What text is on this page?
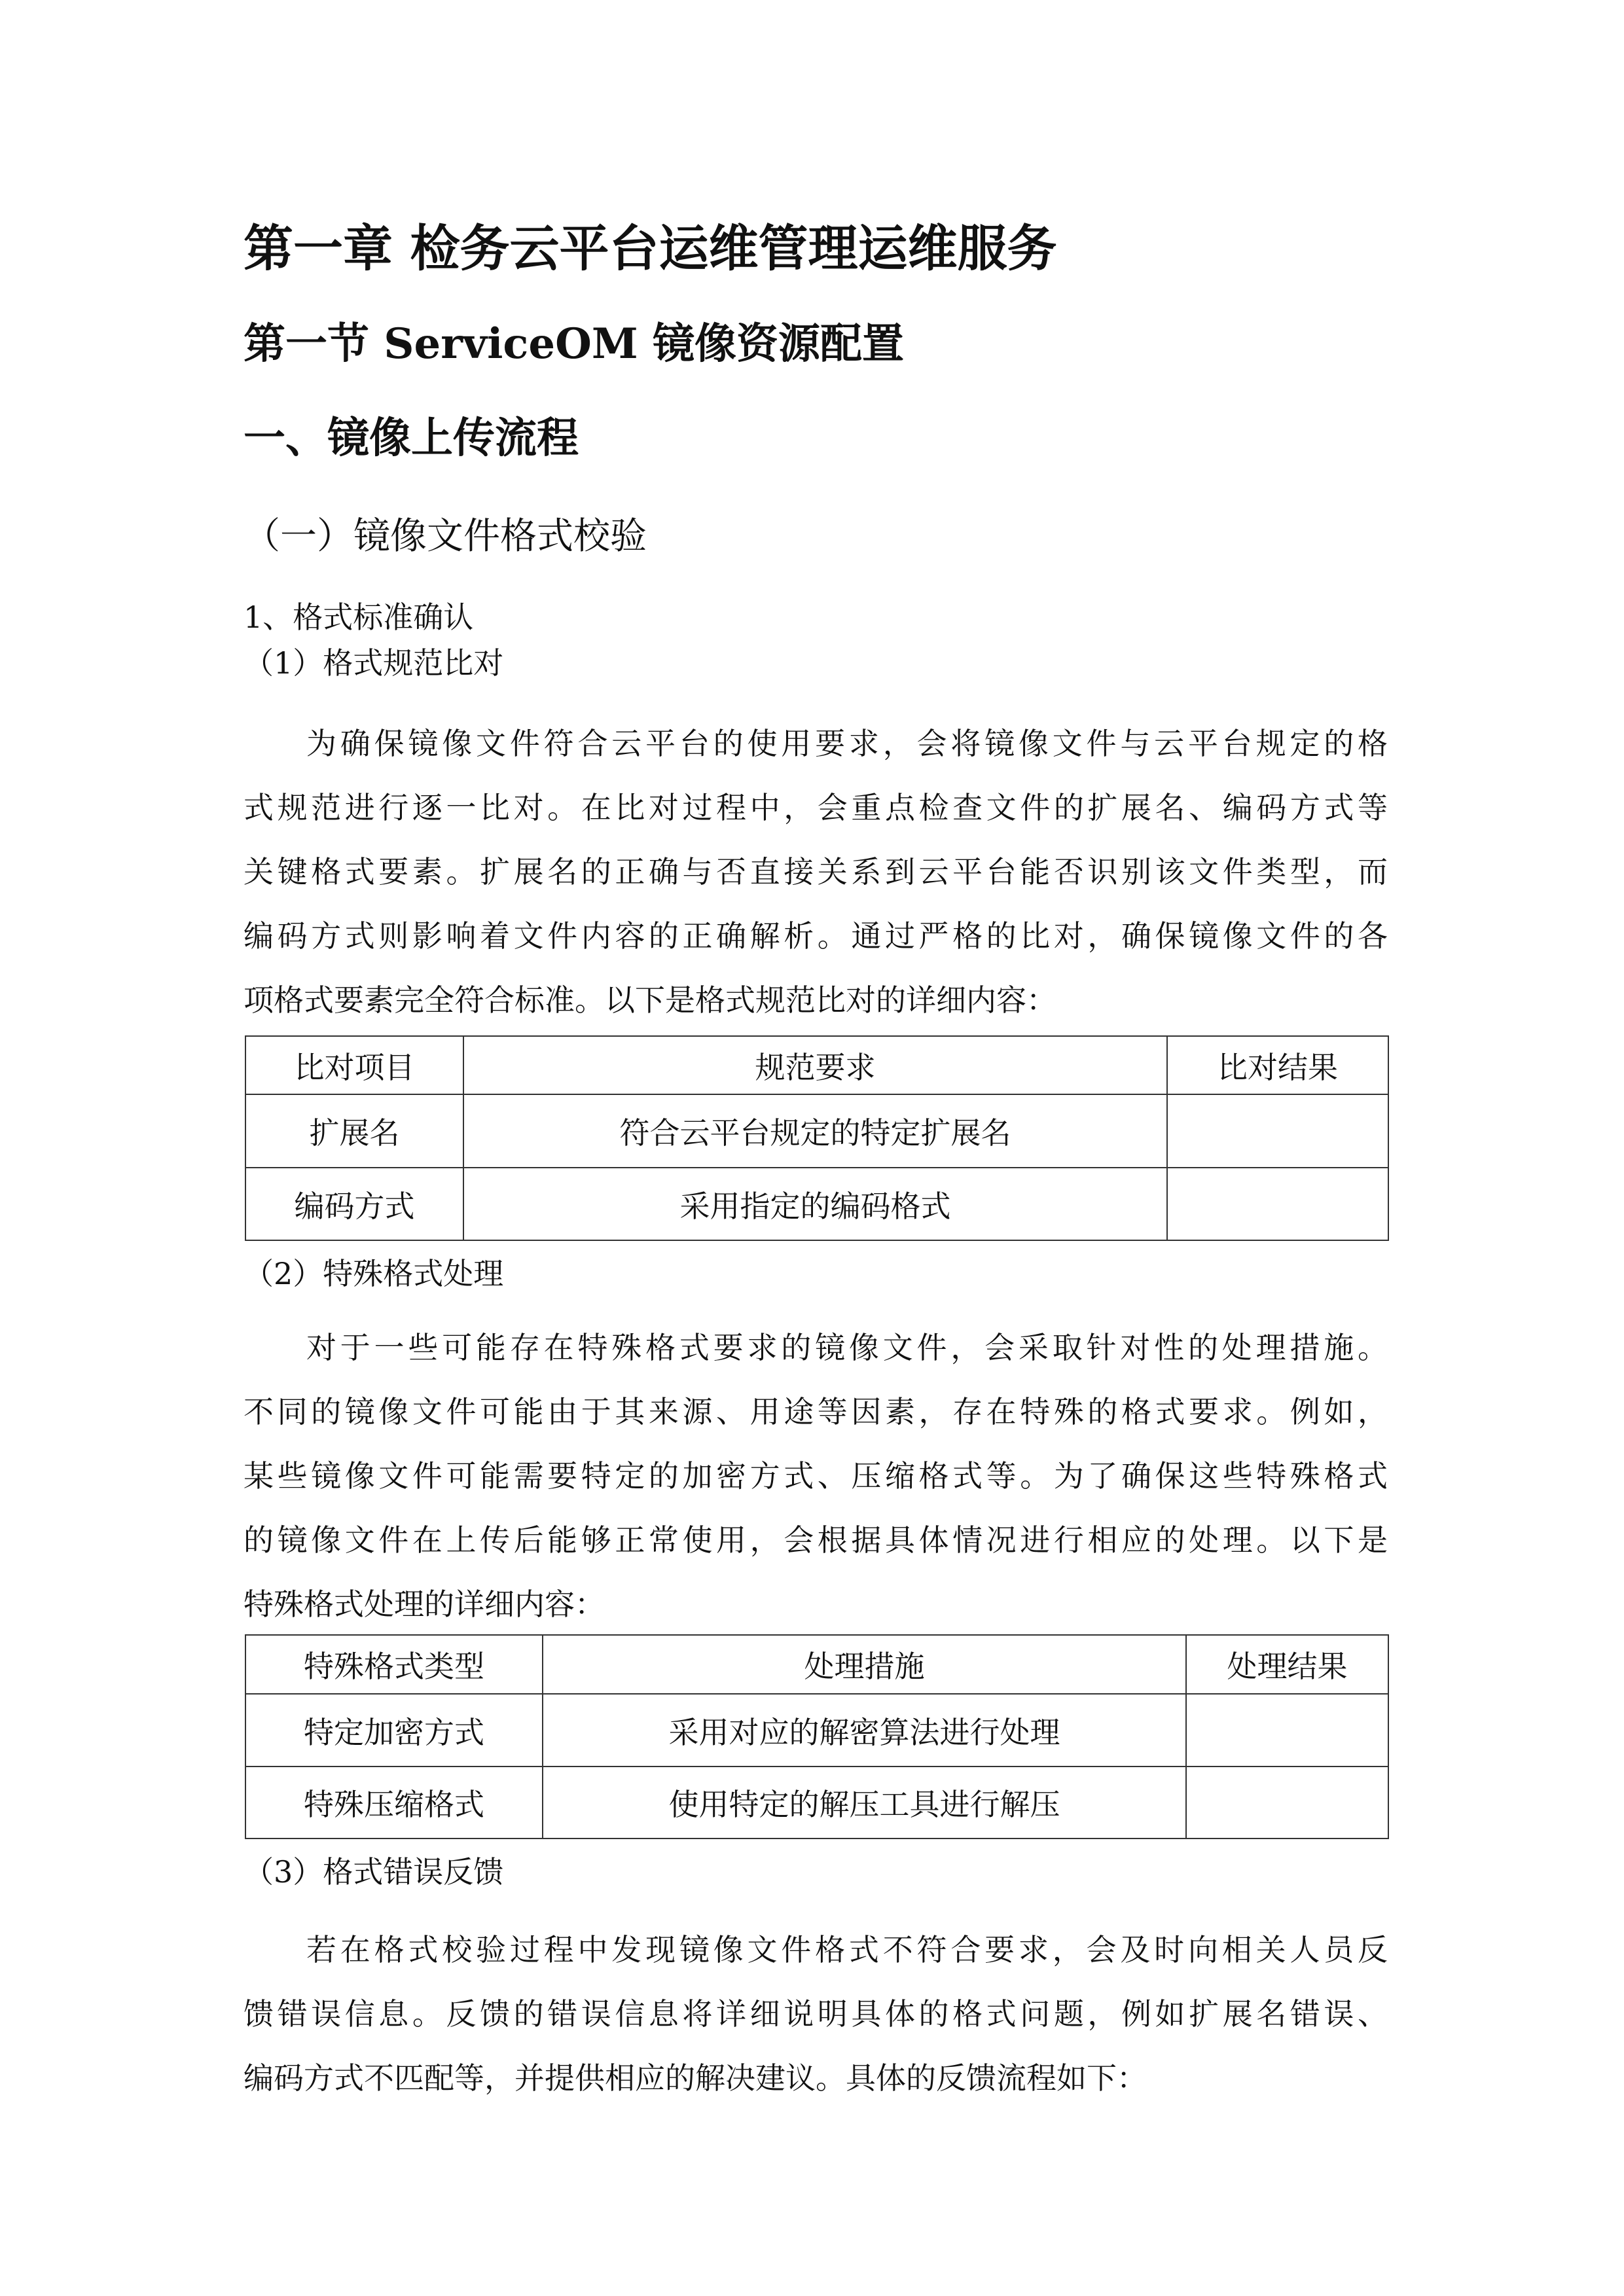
第一章 检务云平台运维管理运维服务
第一节 ServiceOM 镜像资源配置
一、镜像上传流程
（一）镜像文件格式校验
1、格式标准确认
（1）格式规范比对
为确保镜像文件符合云平台的使用要求，会将镜像文件与云平台规定的格
式规范进行逐一比对。在比对过程中，会重点检查文件的扩展名、编码方式等
关键格式要素。扩展名的正确与否直接关系到云平台能否识别该文件类型，而
编码方式则影响着文件内容的正确解析。通过严格的比对，确保镜像文件的各
项格式要素完全符合标准。以下是格式规范比对的详细内容：
比对项目	规范要求	比对结果
扩展名	符合云平台规定的特定扩展名	
编码方式	采用指定的编码格式	
（2）特殊格式处理
对于一些可能存在特殊格式要求的镜像文件，会采取针对性的处理措施。
不同的镜像文件可能由于其来源、用途等因素，存在特殊的格式要求。例如，
某些镜像文件可能需要特定的加密方式、压缩格式等。为了确保这些特殊格式
的镜像文件在上传后能够正常使用，会根据具体情况进行相应的处理。以下是
特殊格式处理的详细内容：
特殊格式类型	处理措施	处理结果
特定加密方式	采用对应的解密算法进行处理	
特殊压缩格式	使用特定的解压工具进行解压	
（3）格式错误反馈
若在格式校验过程中发现镜像文件格式不符合要求，会及时向相关人员反
馈错误信息。反馈的错误信息将详细说明具体的格式问题，例如扩展名错误、
编码方式不匹配等，并提供相应的解决建议。具体的反馈流程如下：
